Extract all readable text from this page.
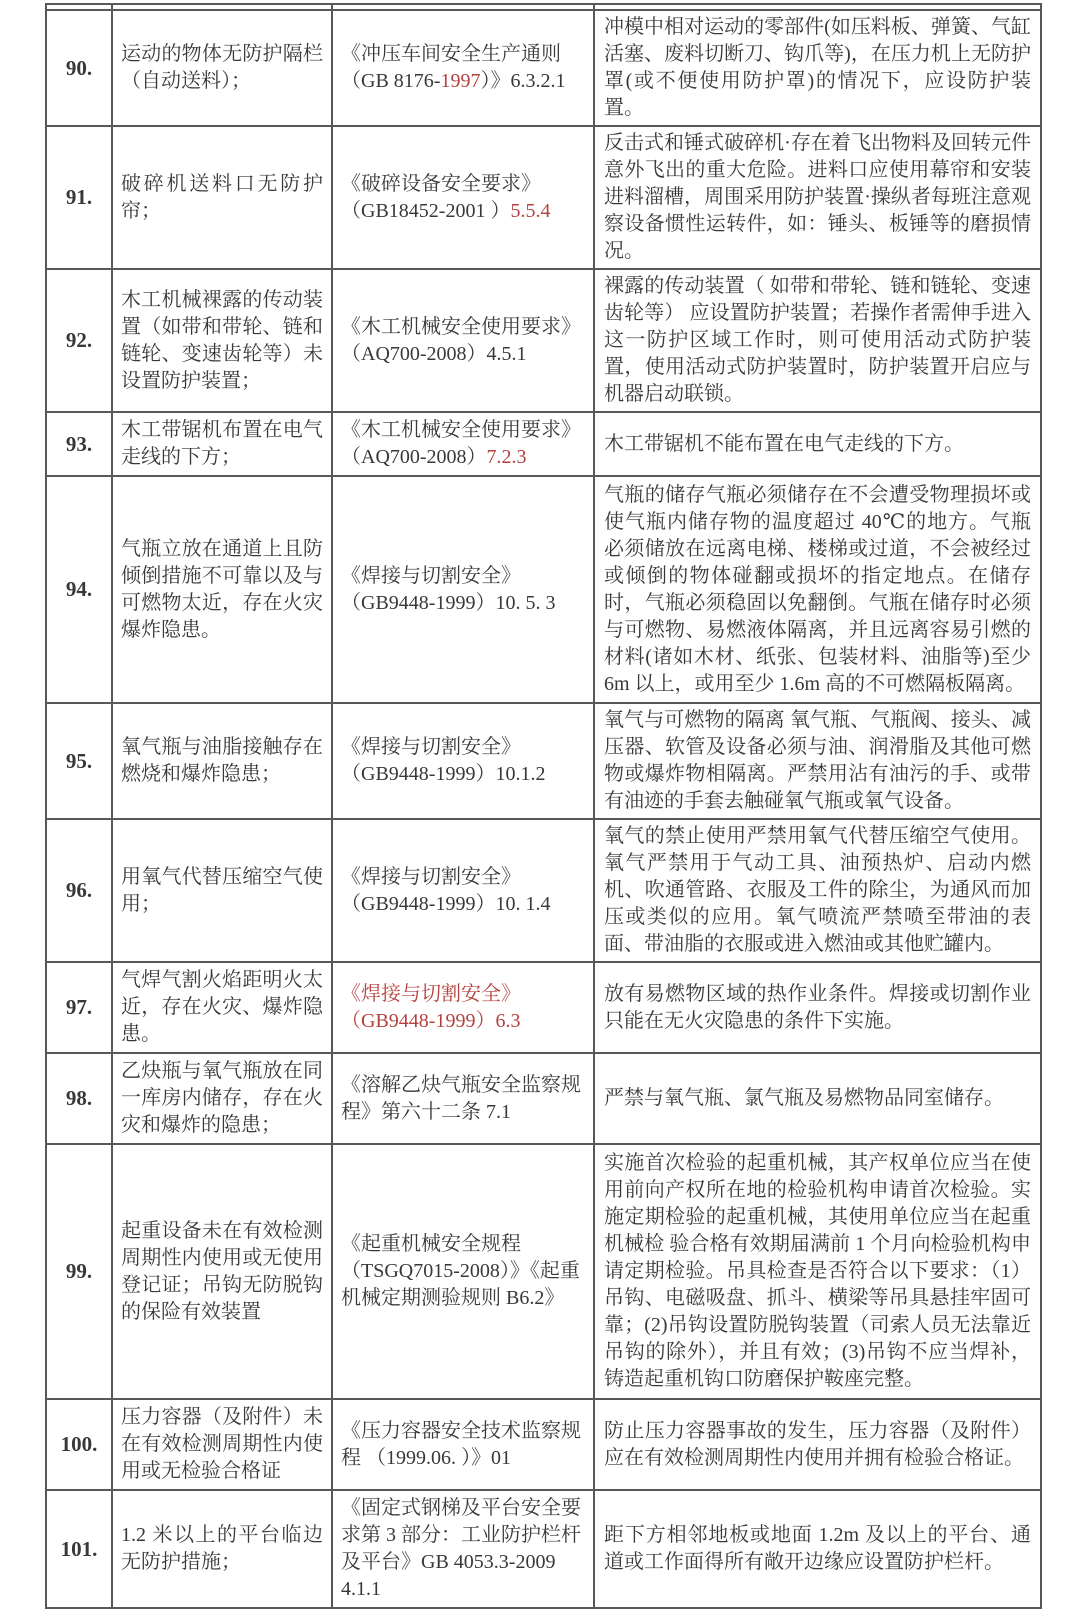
90.	运动的物体无防护隔栏（自动送料）；	《冲压车间安全生产通则（GB 8176-1997）》6.3.2.1	冲模中相对运动的零部件(如压料板、弹簧、气缸活塞、废料切断刀、钩爪等)，在压力机上无防护罩(或不便使用防护罩)的情况下，应设防护装置。
91.	破碎机送料口无防护帘；	《破碎设备安全要求》（GB18452-2001 ）5.5.4	反击式和锤式破碎机·存在着飞出物料及回转元件意外飞出的重大危险。进料口应使用幕帘和安装进料溜槽，周围采用防护装置·操纵者每班注意观察设备惯性运转件，如：锤头、板锤等的磨损情况。
92.	木工机械裸露的传动装置（如带和带轮、链和链轮、变速齿轮等）未设置防护装置；	《木工机械安全使用要求》（AQ700-2008）4.5.1	裸露的传动装置（ 如带和带轮、链和链轮、变速齿轮等） 应设置防护装置；若操作者需伸手进入这一防护区域工作时，则可使用活动式防护装置，使用活动式防护装置时，防护装置开启应与机器启动联锁。
93.	木工带锯机布置在电气走线的下方；	《木工机械安全使用要求》（AQ700-2008）7.2.3	木工带锯机不能布置在电气走线的下方。
94.	气瓶立放在通道上且防倾倒措施不可靠以及与可燃物太近，存在火灾爆炸隐患。	《焊接与切割安全》（GB9448-1999）10. 5. 3	气瓶的储存气瓶必须储存在不会遭受物理损坏或使气瓶内储存物的温度超过 40℃的地方。气瓶必须储放在远离电梯、楼梯或过道，不会被经过或倾倒的物体碰翻或损坏的指定地点。在储存时，气瓶必须稳固以免翻倒。气瓶在储存时必须与可燃物、易燃液体隔离，并且远离容易引燃的材料(诸如木材、纸张、包装材料、油脂等)至少 6m 以上，或用至少 1.6m 高的不可燃隔板隔离。
95.	氧气瓶与油脂接触存在燃烧和爆炸隐患；	《焊接与切割安全》（GB9448-1999）10.1.2	氧气与可燃物的隔离 氧气瓶、气瓶阀、接头、减压器、软管及设备必须与油、润滑脂及其他可燃物或爆炸物相隔离。严禁用沾有油污的手、或带有油迹的手套去触碰氧气瓶或氧气设备。
96.	用氧气代替压缩空气使用；	《焊接与切割安全》（GB9448-1999）10. 1.4	氧气的禁止使用严禁用氧气代替压缩空气使用。氧气严禁用于气动工具、油预热炉、启动内燃机、吹通管路、衣服及工件的除尘，为通风而加压或类似的应用。氧气喷流严禁喷至带油的表面、带油脂的衣服或进入燃油或其他贮罐内。
97.	气焊气割火焰距明火太近，存在火灾、爆炸隐患。	《焊接与切割安全》（GB9448-1999）6.3	放有易燃物区域的热作业条件。焊接或切割作业只能在无火灾隐患的条件下实施。
98.	乙炔瓶与氧气瓶放在同一库房内储存，存在火灾和爆炸的隐患；	《溶解乙炔气瓶安全监察规程》第六十二条 7.1	严禁与氧气瓶、氯气瓶及易燃物品同室储存。
99.	起重设备未在有效检测周期性内使用或无使用登记证；吊钩无防脱钩的保险有效装置	《起重机械安全规程（TSGQ7015-2008）》《起重机械定期测验规则 B6.2》	实施首次检验的起重机械，其产权单位应当在使用前向产权所在地的检验机构申请首次检验。实施定期检验的起重机械，其使用单位应当在起重机械检 验合格有效期届满前 1 个月向检验机构申请定期检验。吊具检查是否符合以下要求：（1）吊钩、电磁吸盘、抓斗、横梁等吊具悬挂牢固可靠；(2)吊钩设置防脱钩装置（司索人员无法靠近吊钩的除外），并且有效；(3)吊钩不应当焊补，铸造起重机钩口防磨保护鞍座完整。
100.	压力容器（及附件）未在有效检测周期性内使用或无检验合格证	《压力容器安全技术监察规程 （1999.06. ）》01	防止压力容器事故的发生，压力容器（及附件）应在有效检测周期性内使用并拥有检验合格证。
101.	1.2 米以上的平台临边无防护措施；	《固定式钢梯及平台安全要求第 3 部分：工业防护栏杆及平台》GB 4053.3-2009 4.1.1	距下方相邻地板或地面 1.2m 及以上的平台、通道或工作面得所有敞开边缘应设置防护栏杆。
